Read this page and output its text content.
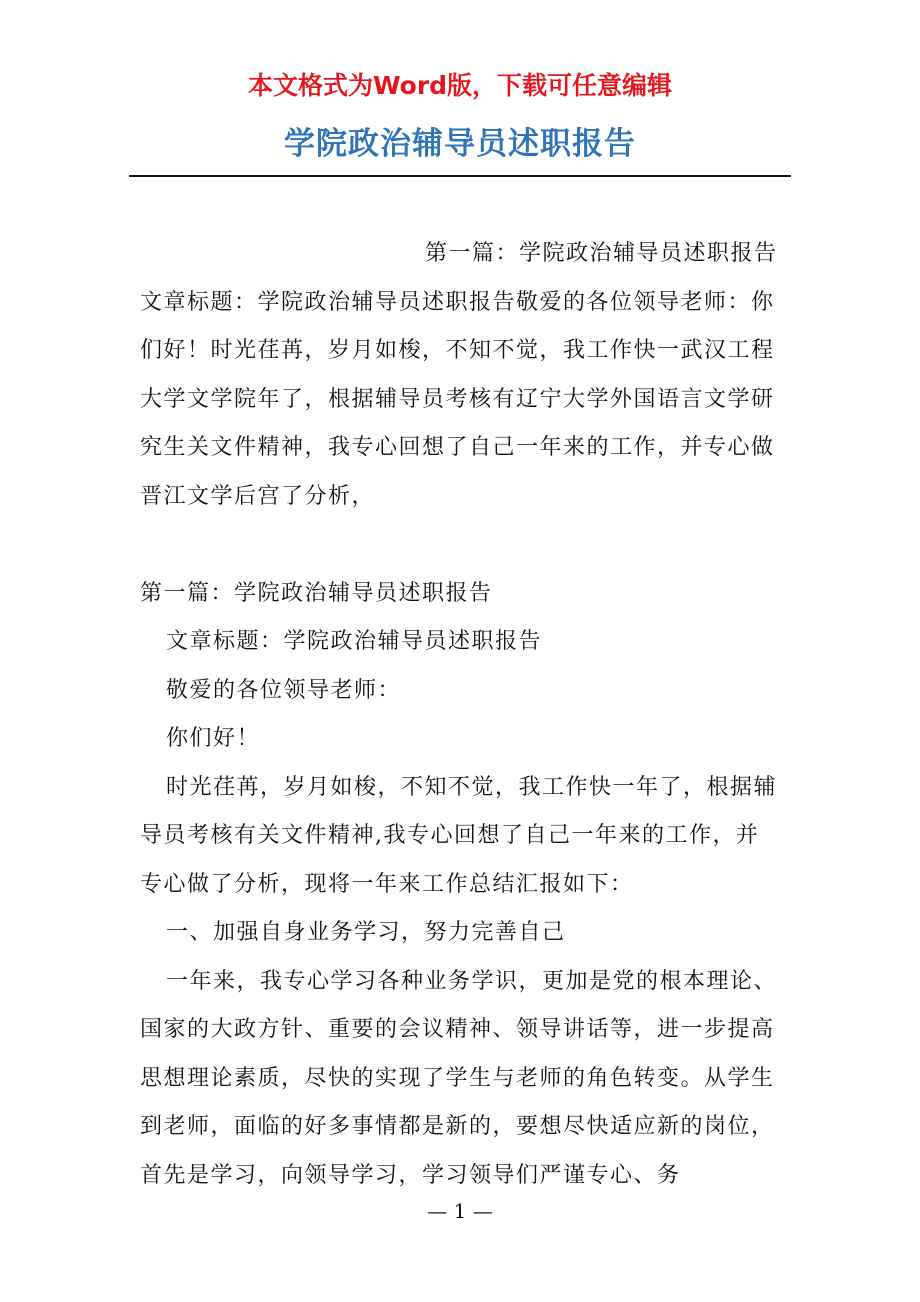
本文格式为Word版，下载可任意编辑
学院政治辅导员述职报告

第一篇：学院政治辅导员述职报告文章标题：学院政治辅导员述职报告敬爱的各位领导老师：你们好！时光荏苒，岁月如梭，不知不觉，我工作快一武汉工程大学文学院年了，根据辅导员考核有辽宁大学外国语言文学研究生关文件精神，我专心回想了自己一年来的工作，并专心做晋江文学后宫了分析，

第一篇：学院政治辅导员述职报告

文章标题：学院政治辅导员述职报告

敬爱的各位领导老师：

你们好！

时光荏苒，岁月如梭，不知不觉，我工作快一年了，根据辅导员考核有关文件精神,我专心回想了自己一年来的工作，并专心做了分析，现将一年来工作总结汇报如下：

一、加强自身业务学习，努力完善自己

一年来，我专心学习各种业务学识，更加是党的根本理论、国家的大政方针、重要的会议精神、领导讲话等，进一步提高思想理论素质，尽快的实现了学生与老师的角色转变。从学生到老师，面临的好多事情都是新的，要想尽快适应新的岗位，首先是学习，向领导学习，学习领导们严谨专心、务

— 1 —
